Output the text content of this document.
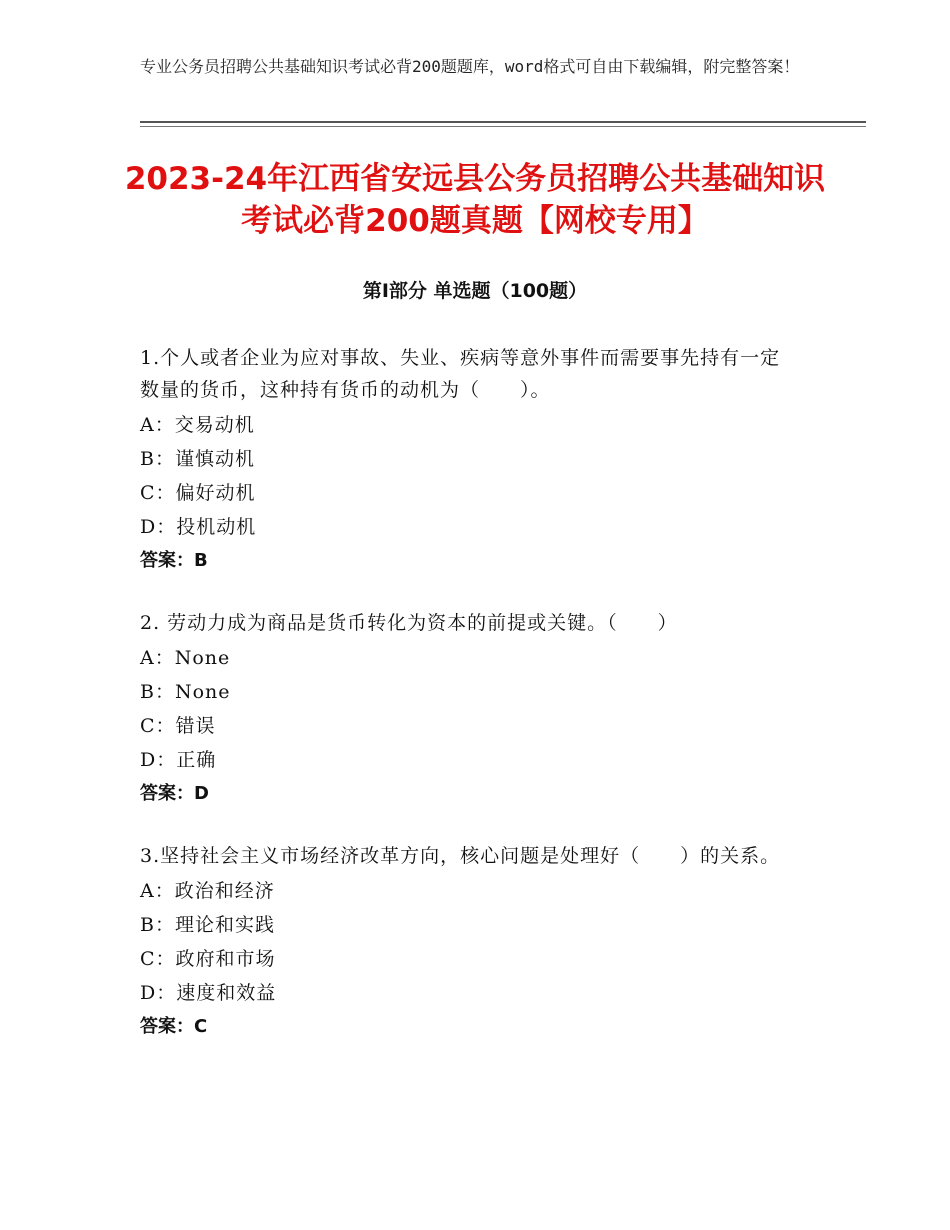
专业公务员招聘公共基础知识考试必背200题题库，word格式可自由下载编辑，附完整答案！
2023-24年江西省安远县公务员招聘公共基础知识考试必背200题真题【网校专用】
第Ⅰ部分 单选题（100题）
1.个人或者企业为应对事故、失业、疾病等意外事件而需要事先持有一定数量的货币，这种持有货币的动机为（　　）。
A：交易动机
B：谨慎动机
C：偏好动机
D：投机动机
答案：B
2. 劳动力成为商品是货币转化为资本的前提或关键。（　　）
A：None
B：None
C：错误
D：正确
答案：D
3.坚持社会主义市场经济改革方向，核心问题是处理好（　　）的关系。
A：政治和经济
B：理论和实践
C：政府和市场
D：速度和效益
答案：C
